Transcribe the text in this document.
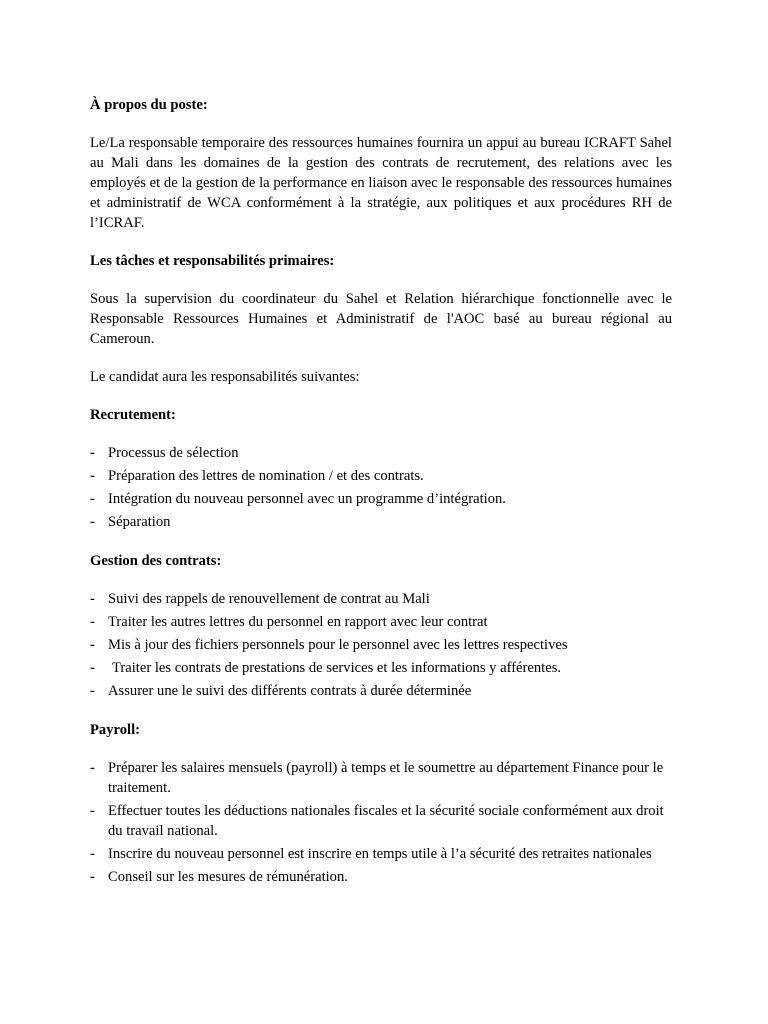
À propos du poste:

Le/La responsable temporaire des ressources humaines fournira un appui au bureau ICRAFT Sahel au Mali dans les domaines de la gestion des contrats de recrutement, des relations avec les employés et de la gestion de la performance en liaison avec le responsable des ressources humaines et administratif de WCA conformément à la stratégie, aux politiques et aux procédures RH de l’ICRAF.

Les tâches et responsabilités primaires:

Sous la supervision du coordinateur du Sahel et Relation hiérarchique fonctionnelle avec le Responsable Ressources Humaines et Administratif de l'AOC basé au bureau régional au Cameroun.

Le candidat aura les responsabilités suivantes:

Recrutement:

- Processus de sélection
- Préparation des lettres de nomination / et des contrats.
- Intégration du nouveau personnel avec un programme d’intégration.
- Séparation

Gestion des contrats:

- Suivi des rappels de renouvellement de contrat au Mali
- Traiter les autres lettres du personnel en rapport avec leur contrat
- Mis à jour des fichiers personnels pour le personnel avec les lettres respectives
- Traiter les contrats de prestations de services et les informations y afférentes.
- Assurer une le suivi des différents contrats à durée déterminée

Payroll:

- Préparer les salaires mensuels (payroll) à temps et le soumettre au département Finance pour le traitement.
- Effectuer toutes les déductions nationales fiscales et la sécurité sociale conformément aux droit du travail national.
- Inscrire du nouveau personnel est inscrire en temps utile à l’a sécurité des retraites nationales
- Conseil sur les mesures de rémunération.
